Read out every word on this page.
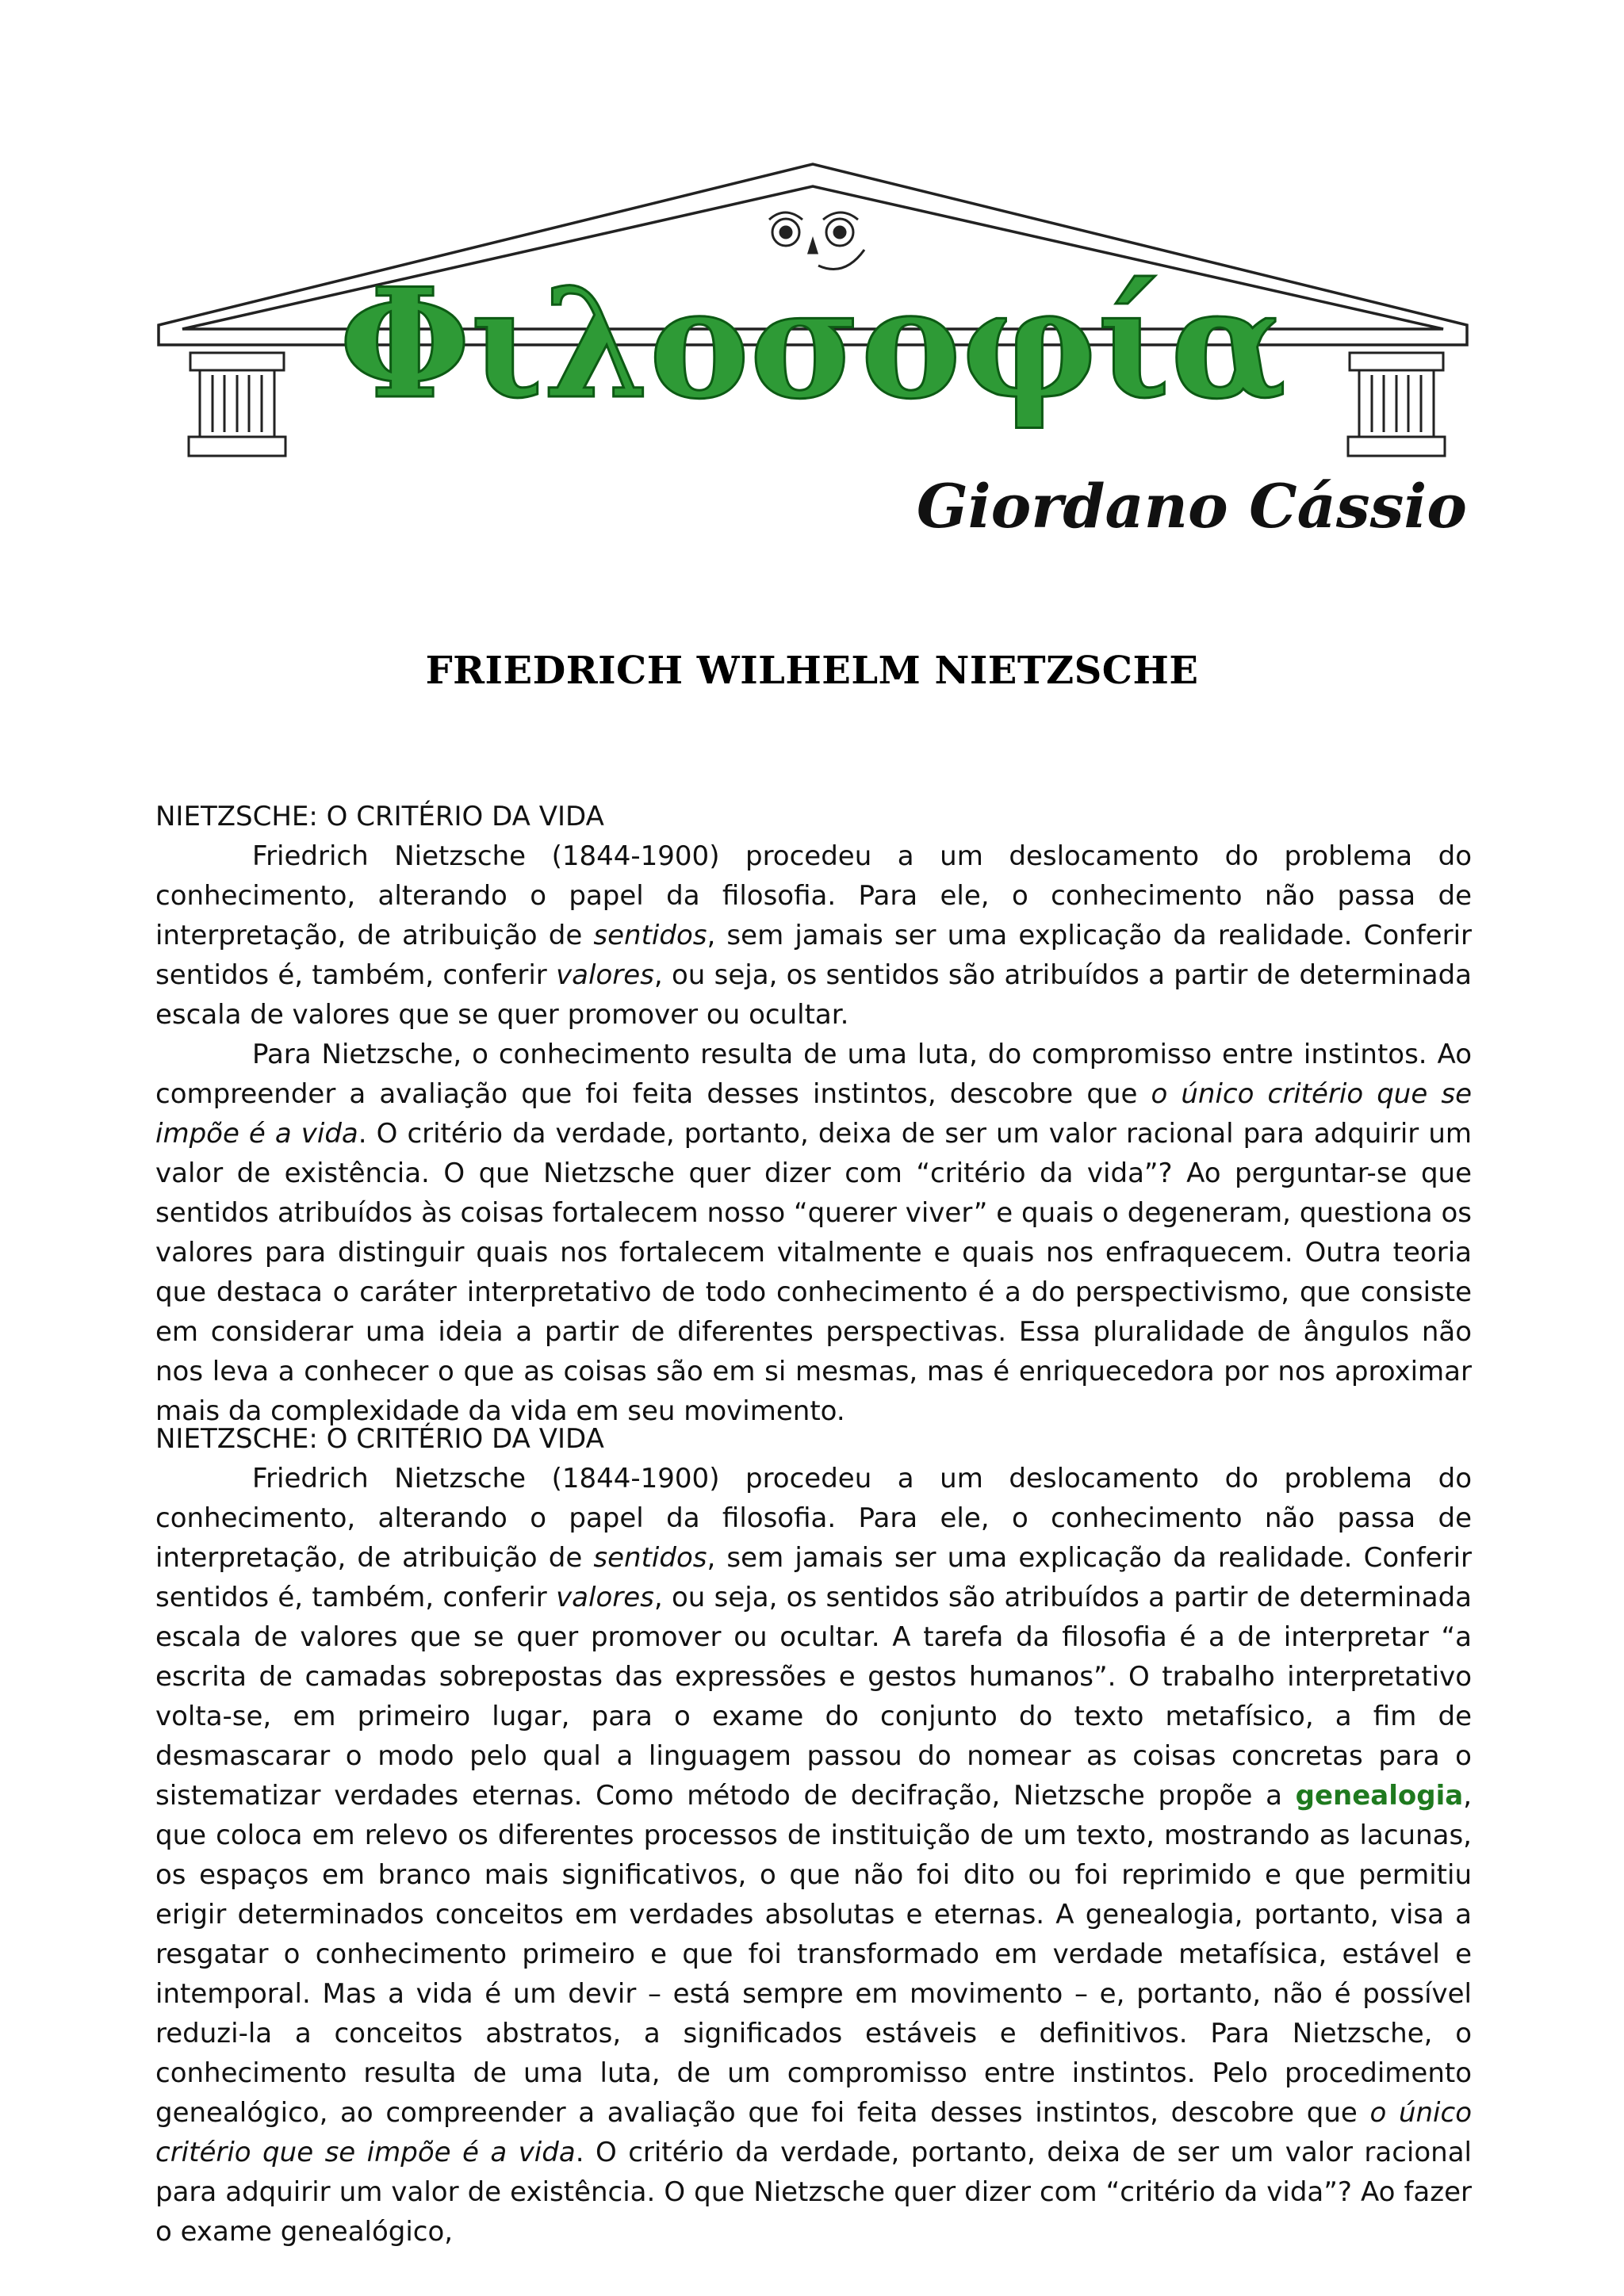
Φιλοσοφία
Giordano Cássio
FRIEDRICH WILHELM NIETZSCHE
NIETZSCHE: O CRITÉRIO DA VIDA

Friedrich Nietzsche (1844-1900) procedeu a um deslocamento do problema do conhecimento, alterando o papel da filosofia. Para ele, o conhecimento não passa de interpretação, de atribuição de sentidos, sem jamais ser uma explicação da realidade. Conferir sentidos é, também, conferir valores, ou seja, os sentidos são atribuídos a partir de determinada escala de valores que se quer promover ou ocultar.

Para Nietzsche, o conhecimento resulta de uma luta, do compromisso entre instintos. Ao compreender a avaliação que foi feita desses instintos, descobre que o único critério que se impõe é a vida. O critério da verdade, portanto, deixa de ser um valor racional para adquirir um valor de existência. O que Nietzsche quer dizer com “critério da vida”? Ao perguntar-se que sentidos atribuídos às coisas fortalecem nosso “querer viver” e quais o degeneram, questiona os valores para distinguir quais nos fortalecem vitalmente e quais nos enfraquecem. Outra teoria que destaca o caráter interpretativo de todo conhecimento é a do perspectivismo, que consiste em considerar uma ideia a partir de diferentes perspectivas. Essa pluralidade de ângulos não nos leva a conhecer o que as coisas são em si mesmas, mas é enriquecedora por nos aproximar mais da complexidade da vida em seu movimento.

NIETZSCHE: O CRITÉRIO DA VIDA

Friedrich Nietzsche (1844-1900) procedeu a um deslocamento do problema do conhecimento, alterando o papel da filosofia. Para ele, o conhecimento não passa de interpretação, de atribuição de sentidos, sem jamais ser uma explicação da realidade. Conferir sentidos é, também, conferir valores, ou seja, os sentidos são atribuídos a partir de determinada escala de valores que se quer promover ou ocultar. A tarefa da filosofia é a de interpretar “a escrita de camadas sobrepostas das expressões e gestos humanos”. O trabalho interpretativo volta-se, em primeiro lugar, para o exame do conjunto do texto metafísico, a fim de desmascarar o modo pelo qual a linguagem passou do nomear as coisas concretas para o sistematizar verdades eternas. Como método de decifração, Nietzsche propõe a genealogia, que coloca em relevo os diferentes processos de instituição de um texto, mostrando as lacunas, os espaços em branco mais significativos, o que não foi dito ou foi reprimido e que permitiu erigir determinados conceitos em verdades absolutas e eternas. A genealogia, portanto, visa a resgatar o conhecimento primeiro e que foi transformado em verdade metafísica, estável e intemporal. Mas a vida é um devir – está sempre em movimento – e, portanto, não é possível reduzi-la a conceitos abstratos, a significados estáveis e definitivos. Para Nietzsche, o conhecimento resulta de uma luta, de um compromisso entre instintos. Pelo procedimento genealógico, ao compreender a avaliação que foi feita desses instintos, descobre que o único critério que se impõe é a vida. O critério da verdade, portanto, deixa de ser um valor racional para adquirir um valor de existência. O que Nietzsche quer dizer com “critério da vida”? Ao fazer o exame genealógico,
